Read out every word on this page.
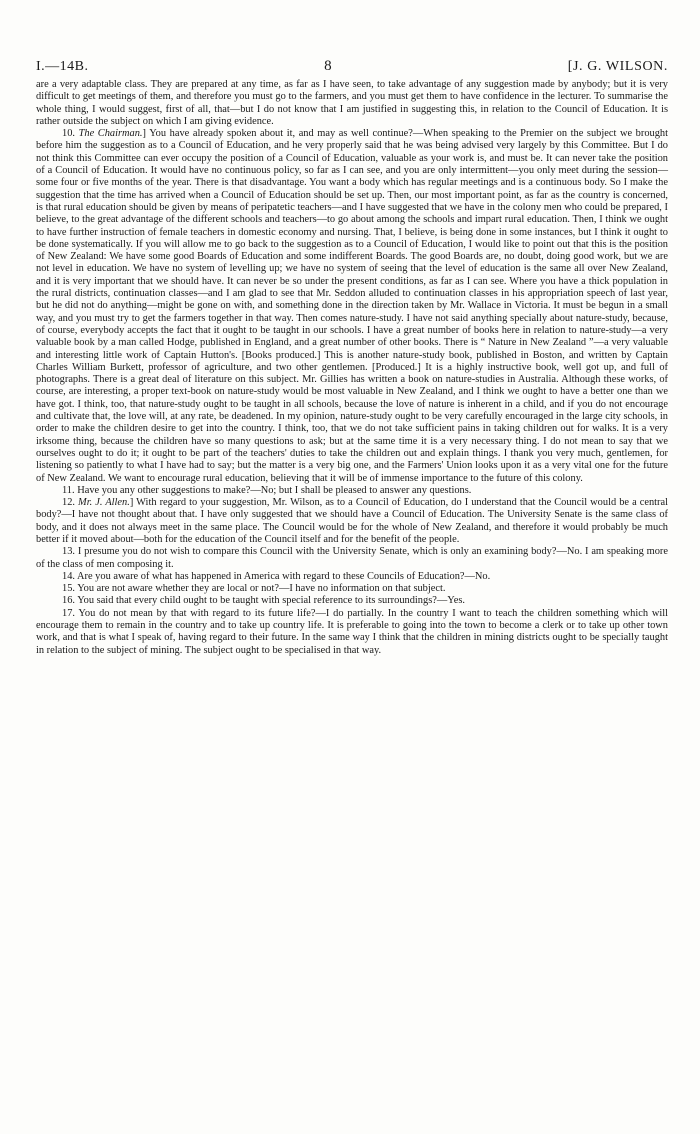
I.—14B.	8	[J. G. WILSON.

are a very adaptable class. They are prepared at any time, as far as I have seen, to take advantage of any suggestion made by anybody; but it is very difficult to get meetings of them, and therefore you must go to the farmers, and you must get them to have confidence in the lecturer. To summarise the whole thing, I would suggest, first of all, that—but I do not know that I am justified in suggesting this, in relation to the Council of Education. It is rather outside the subject on which I am giving evidence.

10. The Chairman.] You have already spoken about it, and may as well continue?—When speaking to the Premier on the subject we brought before him the suggestion as to a Council of Education, and he very properly said that he was being advised very largely by this Committee. But I do not think this Committee can ever occupy the position of a Council of Education, valuable as your work is, and must be. It can never take the position of a Council of Education. It would have no continuous policy, so far as I can see, and you are only intermittent—you only meet during the session—some four or five months of the year. There is that disadvantage. You want a body which has regular meetings and is a continuous body. So I make the suggestion that the time has arrived when a Council of Education should be set up. Then, our most important point, as far as the country is concerned, is that rural education should be given by means of peripatetic teachers—and I have suggested that we have in the colony men who could be prepared, I believe, to the great advantage of the different schools and teachers—to go about among the schools and impart rural education. Then, I think we ought to have further instruction of female teachers in domestic economy and nursing. That, I believe, is being done in some instances, but I think it ought to be done systematically. If you will allow me to go back to the suggestion as to a Council of Education, I would like to point out that this is the position of New Zealand: We have some good Boards of Education and some indifferent Boards. The good Boards are, no doubt, doing good work, but we are not level in education. We have no system of levelling up; we have no system of seeing that the level of education is the same all over New Zealand, and it is very important that we should have. It can never be so under the present conditions, as far as I can see. Where you have a thick population in the rural districts, continuation classes—and I am glad to see that Mr. Seddon alluded to continuation classes in his appropriation speech of last year, but he did not do anything—might be gone on with, and something done in the direction taken by Mr. Wallace in Victoria. It must be begun in a small way, and you must try to get the farmers together in that way. Then comes nature-study. I have not said anything specially about nature-study, because, of course, everybody accepts the fact that it ought to be taught in our schools. I have a great number of books here in relation to nature-study—a very valuable book by a man called Hodge, published in England, and a great number of other books. There is “ Nature in New Zealand ”—a very valuable and interesting little work of Captain Hutton's. [Books produced.] This is another nature-study book, published in Boston, and written by Captain Charles William Burkett, professor of agriculture, and two other gentlemen. [Produced.] It is a highly instructive book, well got up, and full of photographs. There is a great deal of literature on this subject. Mr. Gillies has written a book on nature-studies in Australia. Although these works, of course, are interesting, a proper text-book on nature-study would be most valuable in New Zealand, and I think we ought to have a better one than we have got. I think, too, that nature-study ought to be taught in all schools, because the love of nature is inherent in a child, and if you do not encourage and cultivate that, the love will, at any rate, be deadened. In my opinion, nature-study ought to be very carefully encouraged in the large city schools, in order to make the children desire to get into the country. I think, too, that we do not take sufficient pains in taking children out for walks. It is a very irksome thing, because the children have so many questions to ask; but at the same time it is a very necessary thing. I do not mean to say that we ourselves ought to do it; it ought to be part of the teachers' duties to take the children out and explain things. I thank you very much, gentlemen, for listening so patiently to what I have had to say; but the matter is a very big one, and the Farmers' Union looks upon it as a very vital one for the future of New Zealand. We want to encourage rural education, believing that it will be of immense importance to the future of this colony.

11. Have you any other suggestions to make?—No; but I shall be pleased to answer any questions.

12. Mr. J. Allen.] With regard to your suggestion, Mr. Wilson, as to a Council of Education, do I understand that the Council would be a central body?—I have not thought about that. I have only suggested that we should have a Council of Education. The University Senate is the same class of body, and it does not always meet in the same place. The Council would be for the whole of New Zealand, and therefore it would probably be much better if it moved about—both for the education of the Council itself and for the benefit of the people.

13. I presume you do not wish to compare this Council with the University Senate, which is only an examining body?—No. I am speaking more of the class of men composing it.

14. Are you aware of what has happened in America with regard to these Councils of Education?—No.

15. You are not aware whether they are local or not?—I have no information on that subject.

16. You said that every child ought to be taught with special reference to its surroundings?—Yes.

17. You do not mean by that with regard to its future life?—I do partially. In the country I want to teach the children something which will encourage them to remain in the country and to take up country life. It is preferable to going into the town to become a clerk or to take up other town work, and that is what I speak of, having regard to their future. In the same way I think that the children in mining districts ought to be specially taught in relation to the subject of mining. The subject ought to be specialised in that way.
